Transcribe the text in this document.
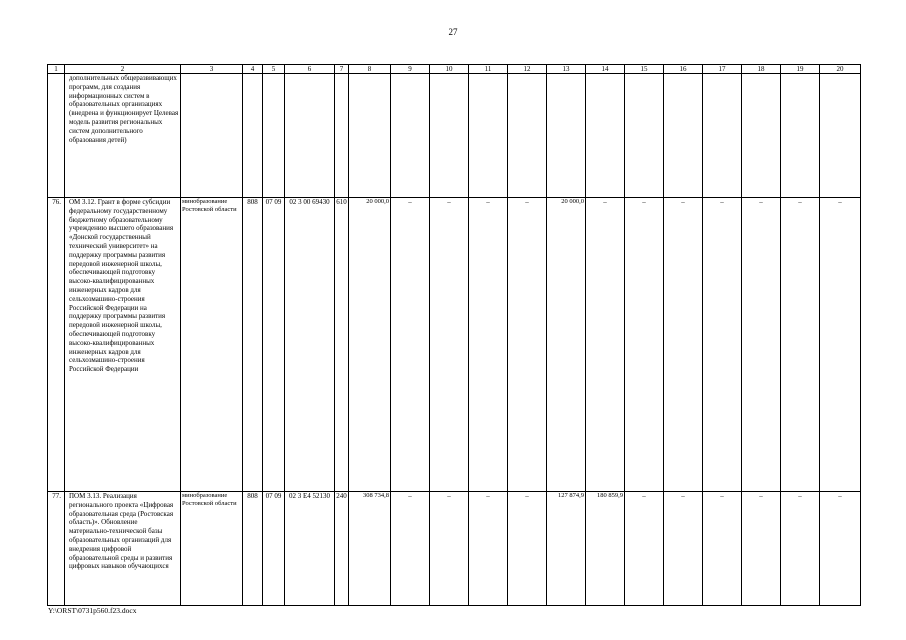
27
1	2	3	4	5	6	7	8	9	10	11	12	13	14	15	16	17	18	19	20
	дополнительных общеразвивающих программ, для создания информационных систем в образовательных организациях (внедрена и функционирует Целевая модель развития региональных систем дополнительного образования детей)																		
76.	ОМ 3.12. Грант в форме субсидии федеральному государственному бюджетному образовательному учреждению высшего образования «Донской государственный технический университет» на поддержку программы развития передовой инженерной школы, обеспечивающей подготовку высоко-квалифицированных инженерных кадров для сельхозмашино-строения Российской Федерации на поддержку программы развития передовой инженерной школы, обеспечивающей подготовку высоко-квалифицированных инженерных кадров для сельхозмашино-строения Российской Федерации	минобразование Ростовской области	808	07 09	02 3 00 69430	610	20 000,0	–	–	–	–	20 000,0	–	–	–	–	–	–	–
77.	ПОМ 3.13. Реализация регионального проекта «Цифровая образовательная среда (Ростовская область)». Обновление материально-технической базы образовательных организаций для внедрения цифровой образовательной среды и развития цифровых навыков обучающихся	минобразование Ростовской области	808	07 09	02 3 E4 52130	240	308 734,8	–	–	–	–	127 874,9	180 859,9	–	–	–	–	–	–
Y:\ORST\0731p560.f23.docx
